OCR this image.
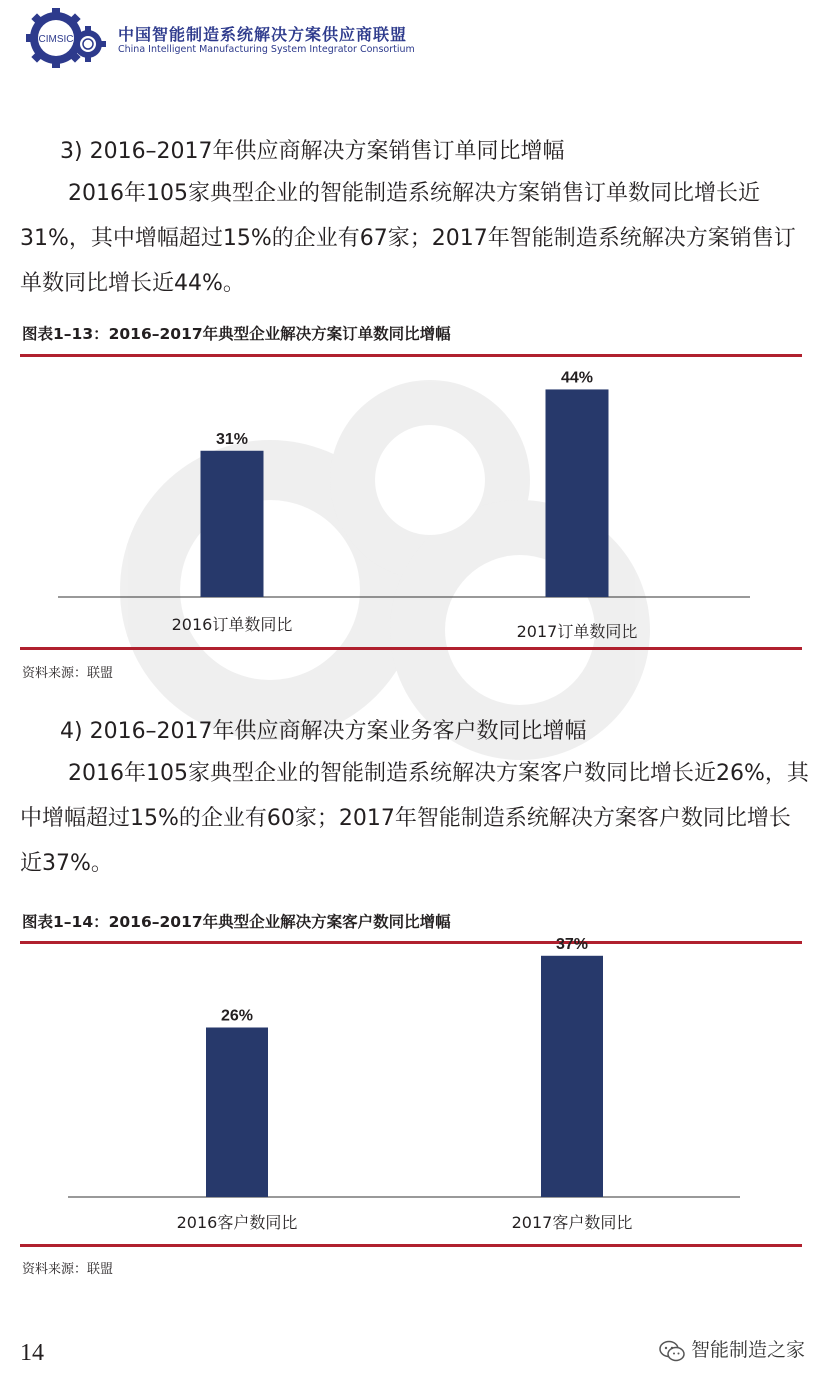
CIMSIC	中国智能制造系统解决方案供应商联盟
China Intelligent Manufacturing System Integrator Consortium
3) 2016–2017年供应商解决方案销售订单同比增幅
2016年105家典型企业的智能制造系统解决方案销售订单数同比增长近31%，其中增幅超过15%的企业有67家；2017年智能制造系统解决方案销售订单数同比增长近44%。
图表1–13：2016–2017年典型企业解决方案订单数同比增幅
31%
2016订单数同比
44%
2017订单数同比
资料来源：联盟
4) 2016–2017年供应商解决方案业务客户数同比增幅
2016年105家典型企业的智能制造系统解决方案客户数同比增长近26%，其中增幅超过15%的企业有60家；2017年智能制造系统解决方案客户数同比增长近37%。
图表1–14：2016–2017年典型企业解决方案客户数同比增幅
26%
2016客户数同比
37%
2017客户数同比
资料来源：联盟
14	智能制造之家
